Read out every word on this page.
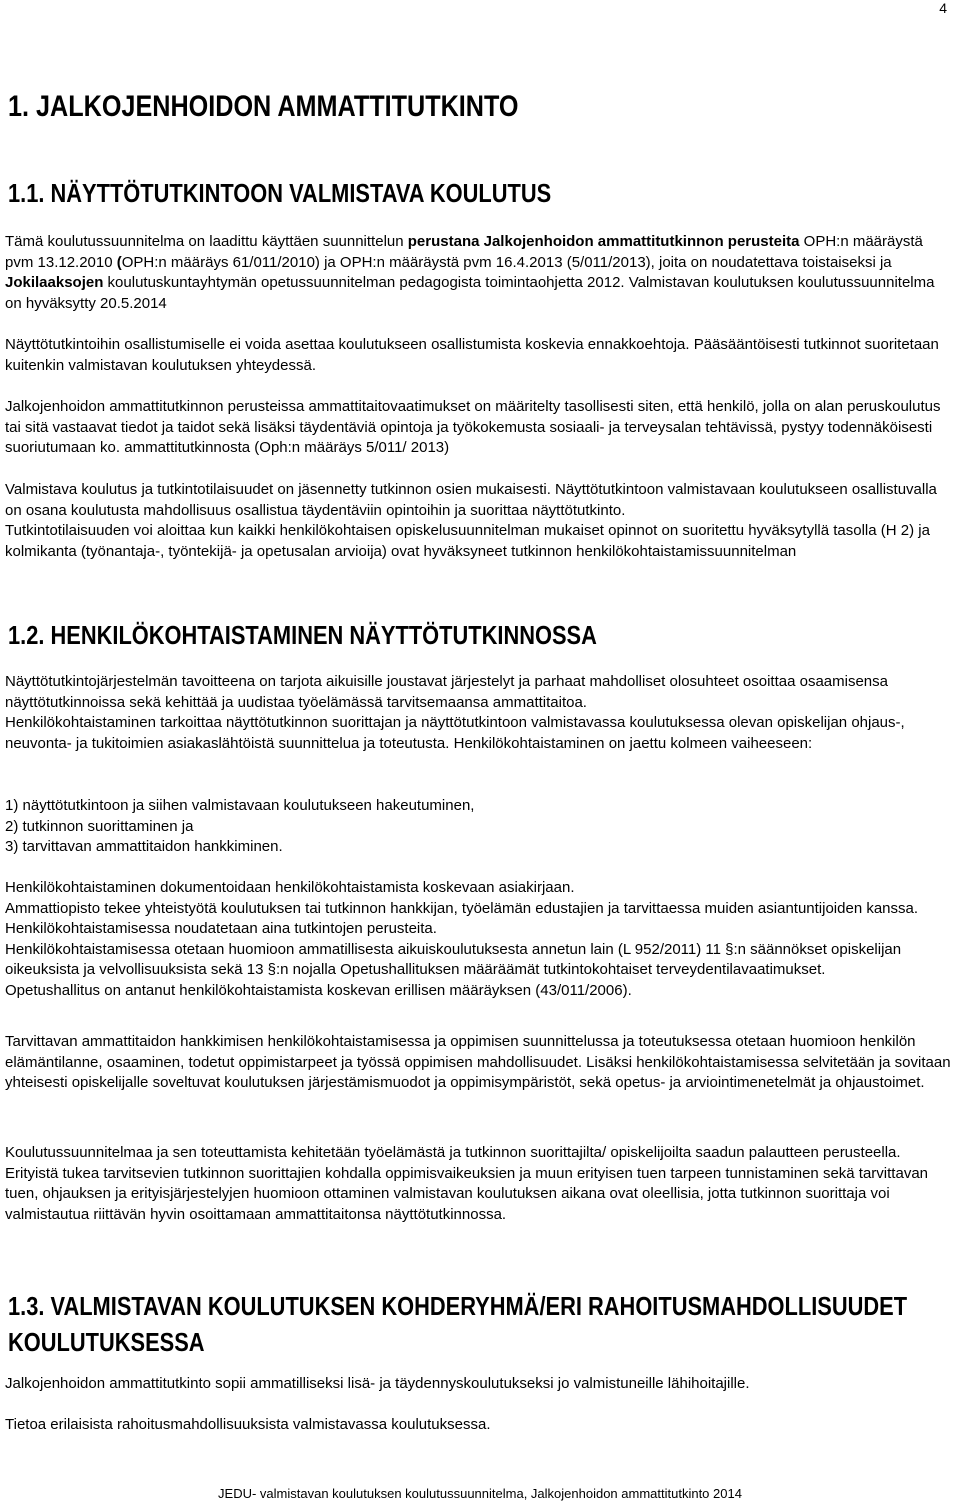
4
1. JALKOJENHOIDON AMMATTITUTKINTO
1.1. NÄYTTÖTUTKINTOON VALMISTAVA KOULUTUS
Tämä koulutussuunnitelma on laadittu käyttäen suunnittelun perustana Jalkojenhoidon ammattitutkinnon perusteita OPH:n määräystä pvm 13.12.2010 (OPH:n määräys 61/011/2010) ja OPH:n määräystä pvm 16.4.2013 (5/011/2013), joita on noudatettava toistaiseksi ja Jokilaaksojen koulutuskuntayhtymän opetussuunnitelman pedagogista toimintaohjetta 2012. Valmistavan koulutuksen koulutussuunnitelma on hyväksytty 20.5.2014
Näyttötutkintoihin osallistumiselle ei voida asettaa koulutukseen osallistumista koskevia ennakkoehtoja. Pääsääntöisesti tutkinnot suoritetaan kuitenkin valmistavan koulutuksen yhteydessä.
Jalkojenhoidon ammattitutkinnon perusteissa ammattitaitovaatimukset on määritelty tasollisesti siten, että henkilö, jolla on alan peruskoulutus tai sitä vastaavat tiedot ja taidot sekä lisäksi täydentäviä opintoja ja työkokemusta sosiaali- ja terveysalan tehtävissä, pystyy todennäköisesti suoriutumaan ko. ammattitutkinnosta (Oph:n määräys 5/011/ 2013)

Valmistava koulutus ja tutkintotilaisuudet on jäsennetty tutkinnon osien mukaisesti. Näyttötutkintoon valmistavaan koulutukseen osallistuvalla on osana koulutusta mahdollisuus osallistua täydentäviin opintoihin ja suorittaa näyttötutkinto.

Tutkintotilaisuuden voi aloittaa kun kaikki henkilökohtaisen opiskelusuunnitelman mukaiset opinnot on suoritettu hyväksytyllä tasolla (H 2) ja kolmikanta (työnantaja-, työntekijä- ja opetusalan arvioija) ovat hyväksyneet tutkinnon henkilökohtaistamissuunnitelman

1.2. HENKILÖKOHTAISTAMINEN NÄYTTÖTUTKINNOSSA

Näyttötutkintojärjestelmän tavoitteena on tarjota aikuisille joustavat järjestelyt ja parhaat mahdolliset olosuhteet osoittaa osaamisensa näyttötutkinnoissa sekä kehittää ja uudistaa työelämässä tarvitsemaansa ammattitaitoa.

Henkilökohtaistaminen tarkoittaa näyttötutkinnon suorittajan ja näyttötutkintoon valmistavassa koulutuksessa olevan opiskelijan ohjaus-, neuvonta- ja tukitoimien asiakaslähtöistä suunnittelua ja toteutusta. Henkilökohtaistaminen on jaettu kolmeen vaiheeseen:

1) näyttötutkintoon ja siihen valmistavaan koulutukseen hakeutuminen,

2) tutkinnon suorittaminen ja

3) tarvittavan ammattitaidon hankkiminen.

Henkilökohtaistaminen dokumentoidaan henkilökohtaistamista koskevaan asiakirjaan.

Ammattiopisto tekee yhteistyötä koulutuksen tai tutkinnon hankkijan, työelämän edustajien ja tarvittaessa muiden asiantuntijoiden kanssa. Henkilökohtaistamisessa noudatetaan aina tutkintojen perusteita.

Henkilökohtaistamisessa otetaan huomioon ammatillisesta aikuiskoulutuksesta annetun lain (L 952/2011) 11 §:n säännökset opiskelijan oikeuksista ja velvollisuuksista sekä 13 §:n nojalla Opetushallituksen määräämät tutkintokohtaiset terveydentilavaatimukset.

Opetushallitus on antanut henkilökohtaistamista koskevan erillisen määräyksen (43/011/2006).

Tarvittavan ammattitaidon hankkimisen henkilökohtaistamisessa ja oppimisen suunnittelussa ja toteutuksessa otetaan huomioon henkilön elämäntilanne, osaaminen, todetut oppimistarpeet ja työssä oppimisen mahdollisuudet. Lisäksi henkilökohtaistamisessa selvitetään ja sovitaan yhteisesti opiskelijalle soveltuvat koulutuksen järjestämismuodot ja oppimisympäristöt, sekä opetus- ja arviointimenetelmät ja ohjaustoimet.
Koulutussuunnitelmaa ja sen toteuttamista kehitetään työelämästä ja tutkinnon suorittajilta/ opiskelijoilta saadun palautteen perusteella. Erityistä tukea tarvitsevien tutkinnon suorittajien kohdalla oppimisvaikeuksien ja muun erityisen tuen tarpeen tunnistaminen sekä tarvittavan tuen, ohjauksen ja erityisjärjestelyjen huomioon ottaminen valmistavan koulutuksen aikana ovat oleellisia, jotta tutkinnon suorittaja voi valmistautua riittävän hyvin osoittamaan ammattitaitonsa näyttötutkinnossa.
1.3. VALMISTAVAN KOULUTUKSEN KOHDERYHMÄ/ERI RAHOITUSMAHDOLLISUUDET KOULUTUKSESSA
Jalkojenhoidon ammattitutkinto sopii ammatilliseksi lisä- ja täydennyskoulutukseksi jo valmistuneille lähihoitajille.
Tietoa erilaisista rahoitusmahdollisuuksista valmistavassa koulutuksessa.
JEDU- valmistavan koulutuksen koulutussuunnitelma, Jalkojenhoidon ammattitutkinto 2014
